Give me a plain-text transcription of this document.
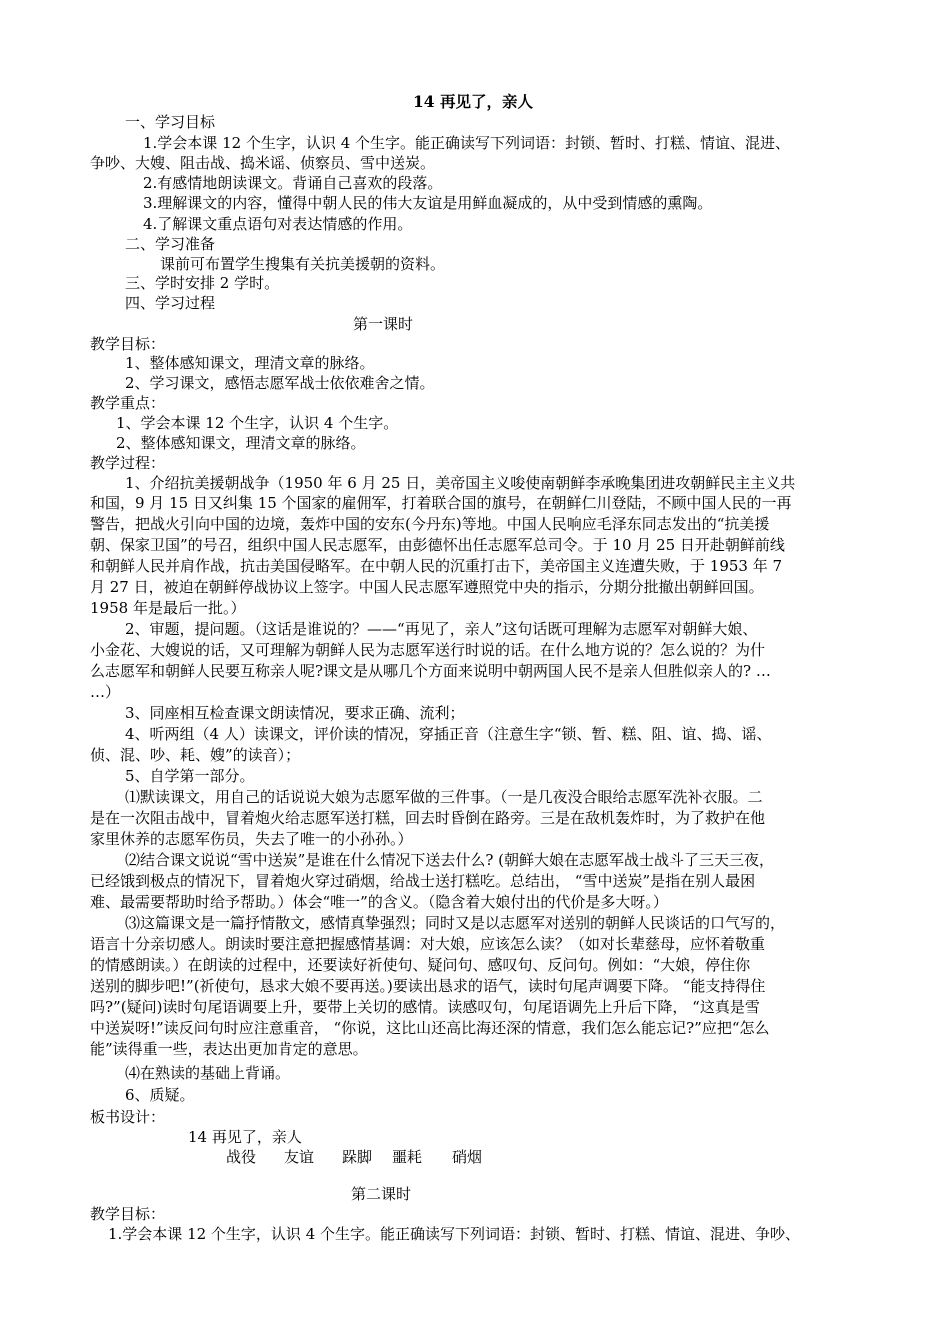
14 再见了，亲人
一、学习目标
1.学会本课 12 个生字，认识 4 个生字。能正确读写下列词语：封锁、暂时、打糕、情谊、混进、
争吵、大嫂、阻击战、捣米谣、侦察员、雪中送炭。
2.有感情地朗读课文。背诵自己喜欢的段落。
3.理解课文的内容，懂得中朝人民的伟大友谊是用鲜血凝成的，从中受到情感的熏陶。
4.了解课文重点语句对表达情感的作用。
二、学习准备
课前可布置学生搜集有关抗美援朝的资料。
三、学时安排 2 学时。
四、学习过程
第一课时
教学目标：
1、整体感知课文，理清文章的脉络。
2、学习课文，感悟志愿军战士依依难舍之情。
教学重点：
1、学会本课 12 个生字，认识 4 个生字。
2、整体感知课文，理清文章的脉络。
教学过程：
1、介绍抗美援朝战争（1950 年 6 月 25 日，美帝国主义唆使南朝鲜李承晚集团进攻朝鲜民主主义共
和国，9 月 15 日又纠集 15 个国家的雇佣军，打着联合国的旗号，在朝鲜仁川登陆，不顾中国人民的一再
警告，把战火引向中国的边境，轰炸中国的安东(今丹东)等地。中国人民响应毛泽东同志发出的“抗美援
朝、保家卫国”的号召，组织中国人民志愿军，由彭德怀出任志愿军总司令。于 10 月 25 日开赴朝鲜前线
和朝鲜人民并肩作战，抗击美国侵略军。在中朝人民的沉重打击下，美帝国主义连遭失败，于 1953 年 7
月 27 日，被迫在朝鲜停战协议上签字。中国人民志愿军遵照党中央的指示，分期分批撤出朝鲜回国。
1958 年是最后一批。）
2、审题，提问题。（这话是谁说的？——“再见了，亲人”这句话既可理解为志愿军对朝鲜大娘、
小金花、大嫂说的话，又可理解为朝鲜人民为志愿军送行时说的话。在什么地方说的？怎么说的？为什
么志愿军和朝鲜人民要互称亲人呢?课文是从哪几个方面来说明中朝两国人民不是亲人但胜似亲人的? …
…）
3、同座相互检查课文朗读情况，要求正确、流利；
4、听两组（4 人）读课文，评价读的情况，穿插正音（注意生字“锁、暂、糕、阻、谊、捣、谣、
侦、混、吵、耗、嫂”的读音）；
5、自学第一部分。
⑴默读课文，用自己的话说说大娘为志愿军做的三件事。（一是几夜没合眼给志愿军洗补衣服。二
是在一次阻击战中，冒着炮火给志愿军送打糕，回去时昏倒在路旁。三是在敌机轰炸时，为了救护在他
家里休养的志愿军伤员，失去了唯一的小孙孙。）
⑵结合课文说说“雪中送炭”是谁在什么情况下送去什么? (朝鲜大娘在志愿军战士战斗了三天三夜，
已经饿到极点的情况下，冒着炮火穿过硝烟，给战士送打糕吃。总结出， “雪中送炭”是指在别人最困
难、最需要帮助时给予帮助。）体会“唯一”的含义。（隐含着大娘付出的代价是多大呀。）
⑶这篇课文是一篇抒情散文，感情真挚强烈；同时又是以志愿军对送别的朝鲜人民谈话的口气写的，
语言十分亲切感人。朗读时要注意把握感情基调：对大娘，应该怎么读？（如对长辈慈母，应怀着敬重
的情感朗读。）在朗读的过程中，还要读好祈使句、疑问句、感叹句、反问句。例如：“大娘，停住你
送别的脚步吧!”(祈使句，恳求大娘不要再送。)要读出恳求的语气，读时句尾声调要下降。 “能支持得住
吗?”(疑问)读时句尾语调要上升，要带上关切的感情。读感叹句，句尾语调先上升后下降， “这真是雪
中送炭呀!”读反问句时应注意重音， “你说，这比山还高比海还深的情意，我们怎么能忘记?”应把“怎么
能”读得重一些，表达出更加肯定的意思。
⑷在熟读的基础上背诵。
6、质疑。
板书设计：
14 再见了，亲人
战役 友谊 跺脚 噩耗 硝烟
第二课时
教学目标：
1.学会本课 12 个生字，认识 4 个生字。能正确读写下列词语：封锁、暂时、打糕、情谊、混进、争吵、
